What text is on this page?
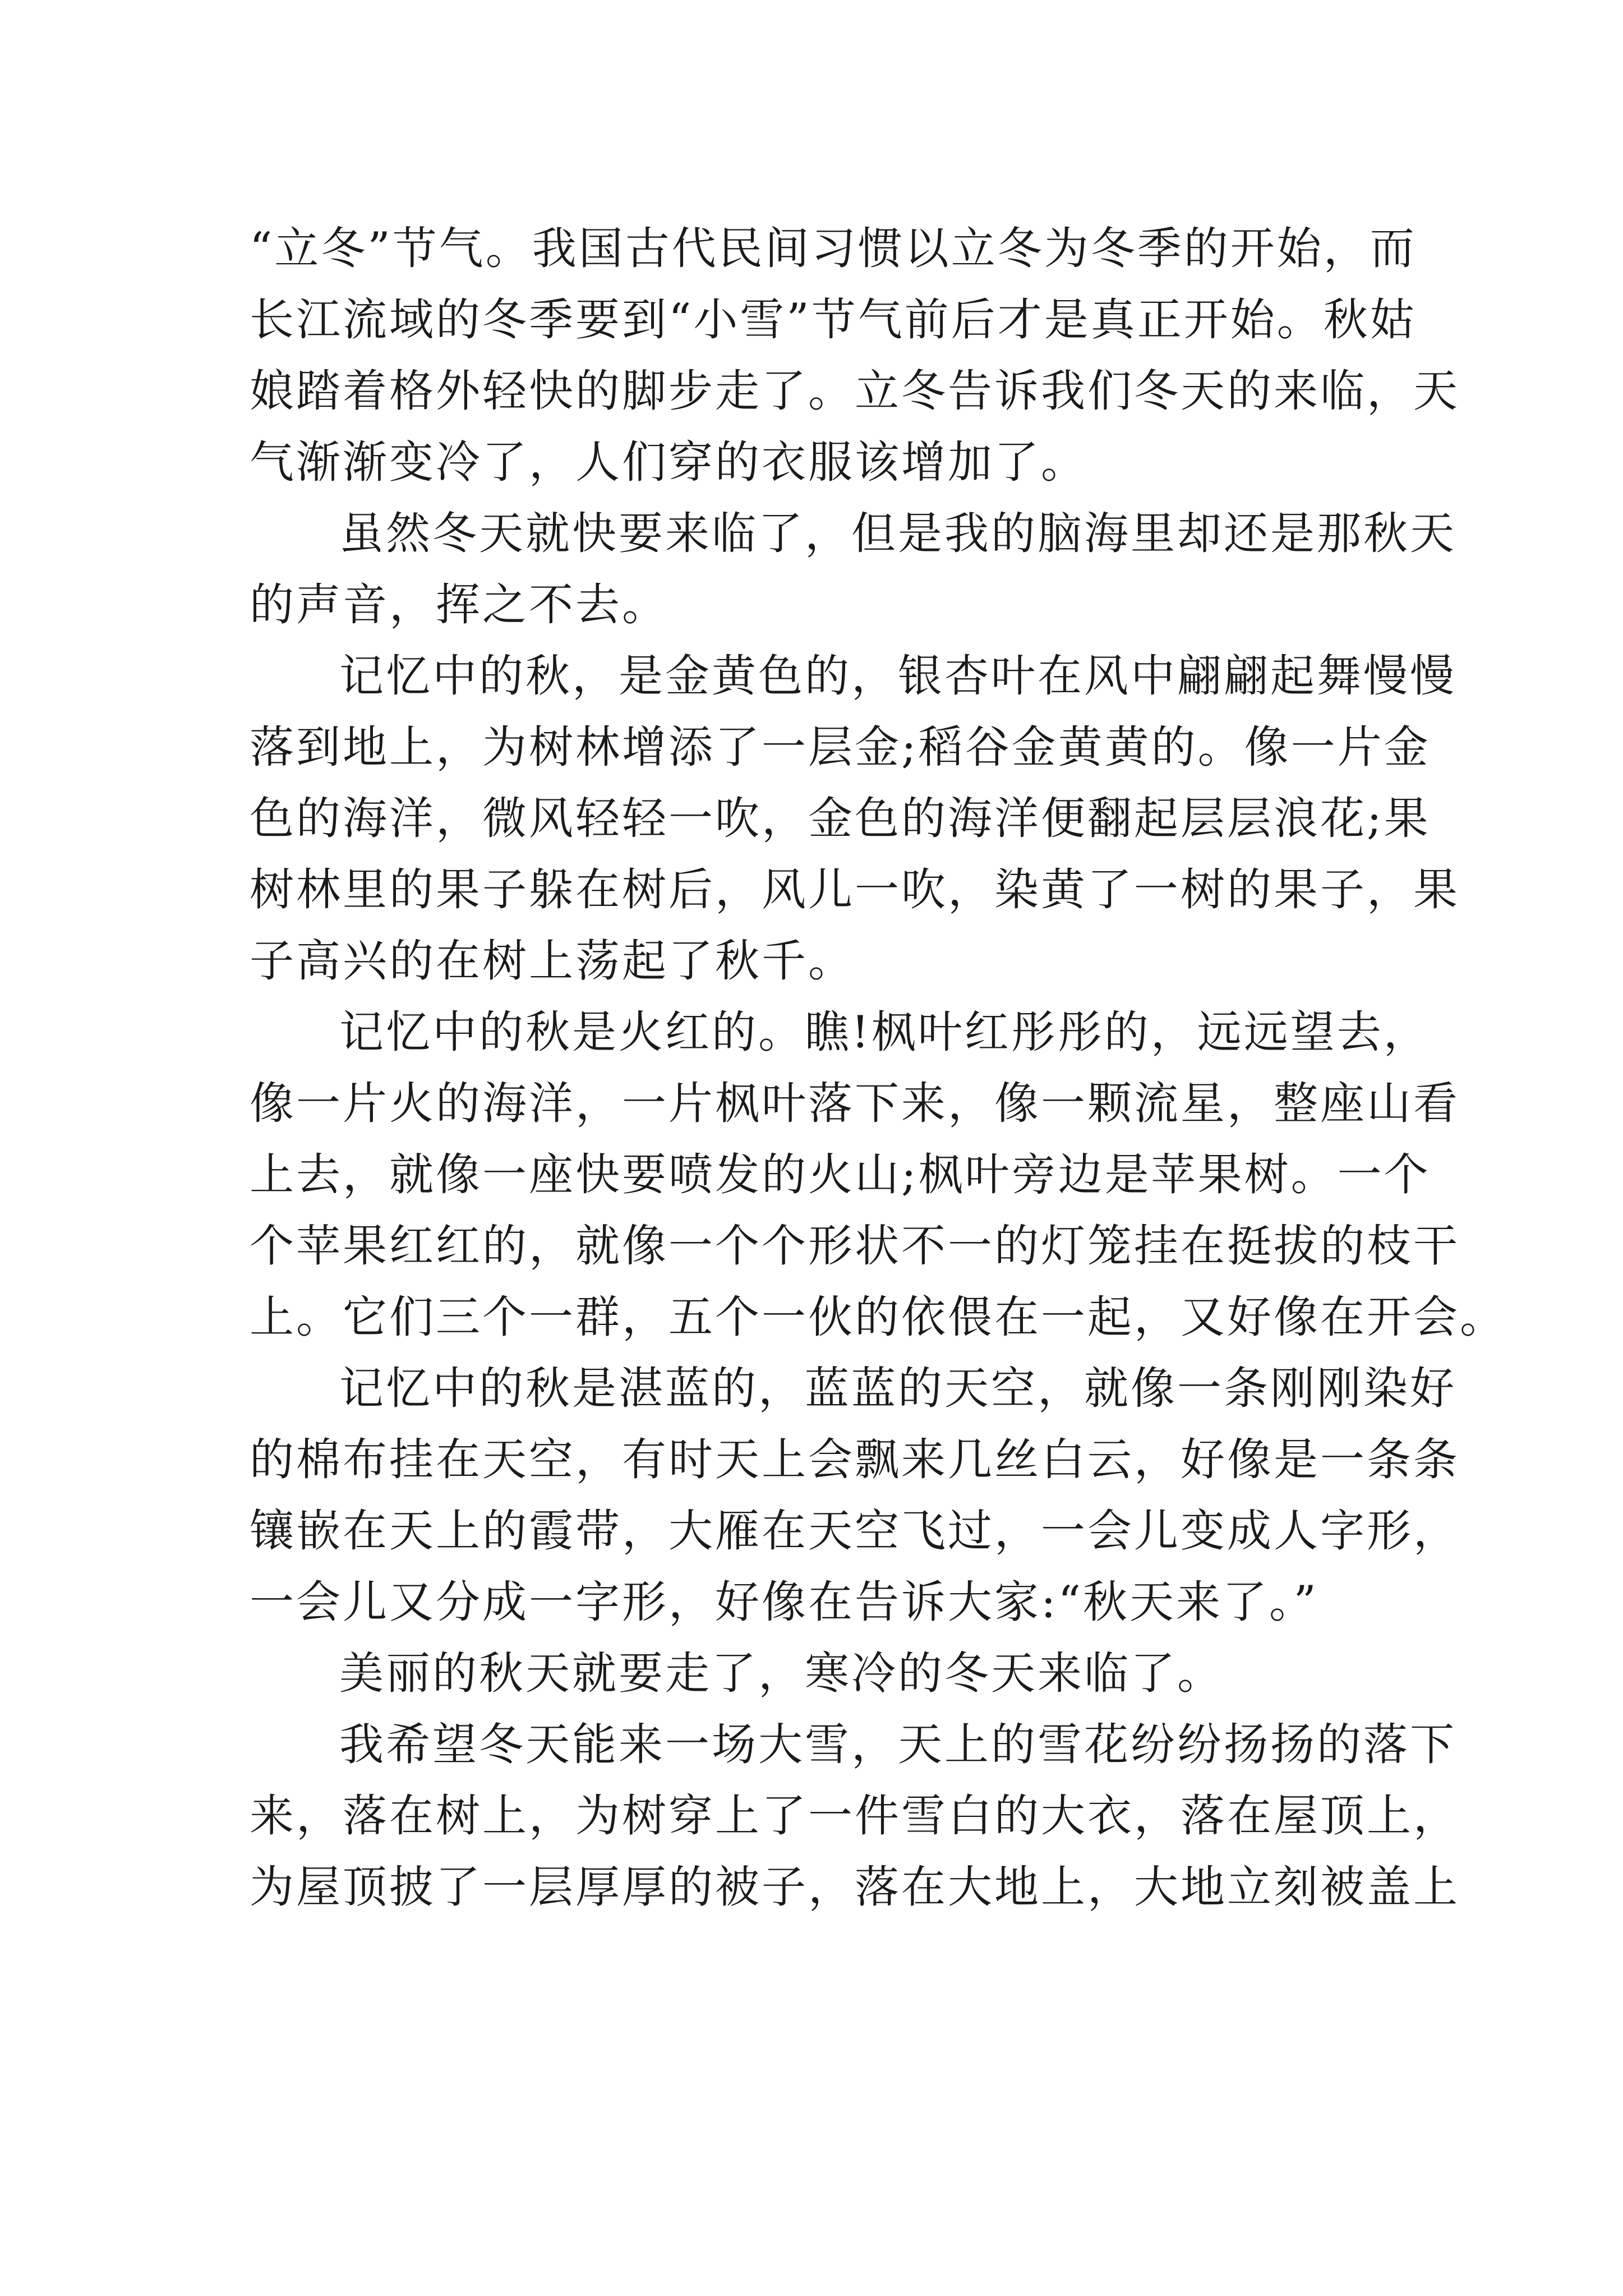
“立冬”节气。我国古代民间习惯以立冬为冬季的开始，而
长江流域的冬季要到“小雪”节气前后才是真正开始。秋姑
娘踏着格外轻快的脚步走了。立冬告诉我们冬天的来临，天
气渐渐变冷了，人们穿的衣服该增加了。
虽然冬天就快要来临了，但是我的脑海里却还是那秋天
的声音，挥之不去。
记忆中的秋，是金黄色的，银杏叶在风中翩翩起舞慢慢
落到地上，为树林增添了一层金;稻谷金黄黄的。像一片金
色的海洋，微风轻轻一吹，金色的海洋便翻起层层浪花;果
树林里的果子躲在树后，风儿一吹，染黄了一树的果子，果
子高兴的在树上荡起了秋千。
记忆中的秋是火红的。瞧!枫叶红彤彤的，远远望去，
像一片火的海洋，一片枫叶落下来，像一颗流星，整座山看
上去，就像一座快要喷发的火山;枫叶旁边是苹果树。一个
个苹果红红的，就像一个个形状不一的灯笼挂在挺拔的枝干
上。它们三个一群，五个一伙的依偎在一起，又好像在开会。
记忆中的秋是湛蓝的，蓝蓝的天空，就像一条刚刚染好
的棉布挂在天空，有时天上会飘来几丝白云，好像是一条条
镶嵌在天上的霞带，大雁在天空飞过，一会儿变成人字形，
一会儿又分成一字形，好像在告诉大家:“秋天来了。”
美丽的秋天就要走了，寒冷的冬天来临了。
我希望冬天能来一场大雪，天上的雪花纷纷扬扬的落下
来，落在树上，为树穿上了一件雪白的大衣，落在屋顶上，
为屋顶披了一层厚厚的被子，落在大地上，大地立刻被盖上
